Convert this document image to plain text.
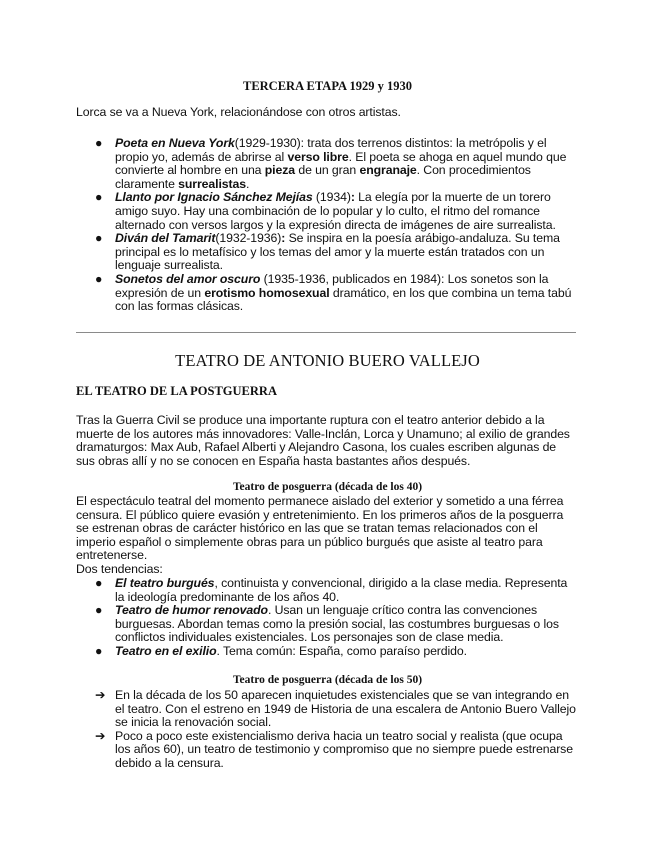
TERCERA ETAPA 1929 y 1930

Lorca se va a Nueva York, relacionándose con otros artistas.

● Poeta en Nueva York(1929-1930): trata dos terrenos distintos: la metrópolis y el propio yo, además de abrirse al verso libre. El poeta se ahoga en aquel mundo que convierte al hombre en una pieza de un gran engranaje. Con procedimientos claramente surrealistas.
● Llanto por Ignacio Sánchez Mejías (1934): La elegía por la muerte de un torero amigo suyo. Hay una combinación de lo popular y lo culto, el ritmo del romance alternado con versos largos y la expresión directa de imágenes de aire surrealista.
● Diván del Tamarit(1932-1936): Se inspira en la poesía arábigo-andaluza. Su tema principal es lo metafísico y los temas del amor y la muerte están tratados con un lenguaje surrealista.
● Sonetos del amor oscuro (1935-1936, publicados en 1984): Los sonetos son la expresión de un erotismo homosexual dramático, en los que combina un tema tabú con las formas clásicas.
TEATRO DE ANTONIO BUERO VALLEJO
EL TEATRO DE LA POSTGUERRA

Tras la Guerra Civil se produce una importante ruptura con el teatro anterior debido a la muerte de los autores más innovadores: Valle-Inclán, Lorca y Unamuno; al exilio de grandes dramaturgos: Max Aub, Rafael Alberti y Alejandro Casona, los cuales escriben algunas de sus obras allí y no se conocen en España hasta bastantes años después.

Teatro de posguerra (década de los 40)

El espectáculo teatral del momento permanece aislado del exterior y sometido a una férrea censura. El público quiere evasión y entretenimiento. En los primeros años de la posguerra se estrenan obras de carácter histórico en las que se tratan temas relacionados con el imperio español o simplemente obras para un público burgués que asiste al teatro para entretenerse.

Dos tendencias:

● El teatro burgués, continuista y convencional, dirigido a la clase media. Representa la ideología predominante de los años 40.
● Teatro de humor renovado. Usan un lenguaje crítico contra las convenciones burguesas. Abordan temas como la presión social, las costumbres burguesas o los conflictos individuales existenciales. Los personajes son de clase media.
● Teatro en el exilio. Tema común: España, como paraíso perdido.
Teatro de posguerra (década de los 50)
➔ En la década de los 50 aparecen inquietudes existenciales que se van integrando en el teatro. Con el estreno en 1949 de Historia de una escalera de Antonio Buero Vallejo se inicia la renovación social.
➔ Poco a poco este existencialismo deriva hacia un teatro social y realista (que ocupa los años 60), un teatro de testimonio y compromiso que no siempre puede estrenarse debido a la censura.
